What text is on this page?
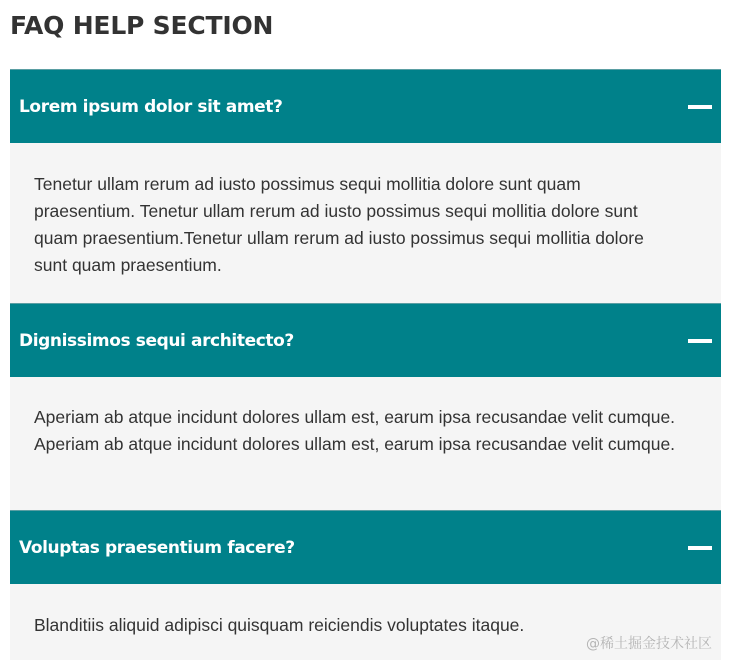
FAQ HELP SECTION
Lorem ipsum dolor sit amet?

Tenetur ullam rerum ad iusto possimus sequi mollitia dolore sunt quam praesentium. Tenetur ullam rerum ad iusto possimus sequi mollitia dolore sunt quam praesentium.Tenetur ullam rerum ad iusto possimus sequi mollitia dolore sunt quam praesentium.

Dignissimos sequi architecto?

Aperiam ab atque incidunt dolores ullam est, earum ipsa recusandae velit cumque. Aperiam ab atque incidunt dolores ullam est, earum ipsa recusandae velit cumque.

Voluptas praesentium facere?

Blanditiis aliquid adipisci quisquam reiciendis voluptates itaque.

@稀土掘金技术社区
